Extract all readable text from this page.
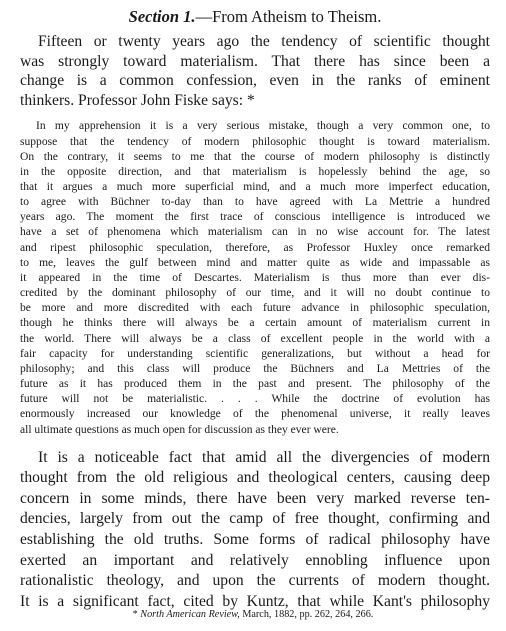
Section 1.—From Atheism to Theism.
Fifteen or twenty years ago the tendency of scientific thought
was strongly toward materialism. That there has since been a
change is a common confession, even in the ranks of eminent
thinkers. Professor John Fiske says: *
In my apprehension it is a very serious mistake, though a very common one, to
suppose that the tendency of modern philosophic thought is toward materialism.
On the contrary, it seems to me that the course of modern philosophy is distinctly
in the opposite direction, and that materialism is hopelessly behind the age, so
that it argues a much more superficial mind, and a much more imperfect education,
to agree with Büchner to-day than to have agreed with La Mettrie a hundred
years ago. The moment the first trace of conscious intelligence is introduced we
have a set of phenomena which materialism can in no wise account for. The latest
and ripest philosophic speculation, therefore, as Professor Huxley once remarked
to me, leaves the gulf between mind and matter quite as wide and impassable as
it appeared in the time of Descartes. Materialism is thus more than ever dis-
credited by the dominant philosophy of our time, and it will no doubt continue to
be more and more discredited with each future advance in philosophic speculation,
though he thinks there will always be a certain amount of materialism current in
the world. There will always be a class of excellent people in the world with a
fair capacity for understanding scientific generalizations, but without a head for
philosophy; and this class will produce the Büchners and La Mettries of the
future as it has produced them in the past and present. The philosophy of the
future will not be materialistic. . . . While the doctrine of evolution has
enormously increased our knowledge of the phenomenal universe, it really leaves
all ultimate questions as much open for discussion as they ever were.
It is a noticeable fact that amid all the divergencies of modern
thought from the old religious and theological centers, causing deep
concern in some minds, there have been very marked reverse ten-
dencies, largely from out the camp of free thought, confirming and
establishing the old truths. Some forms of radical philosophy have
exerted an important and relatively ennobling influence upon
rationalistic theology, and upon the currents of modern thought.
It is a significant fact, cited by Kuntz, that while Kant's philosophy
* North American Review, March, 1882, pp. 262, 264, 266.
